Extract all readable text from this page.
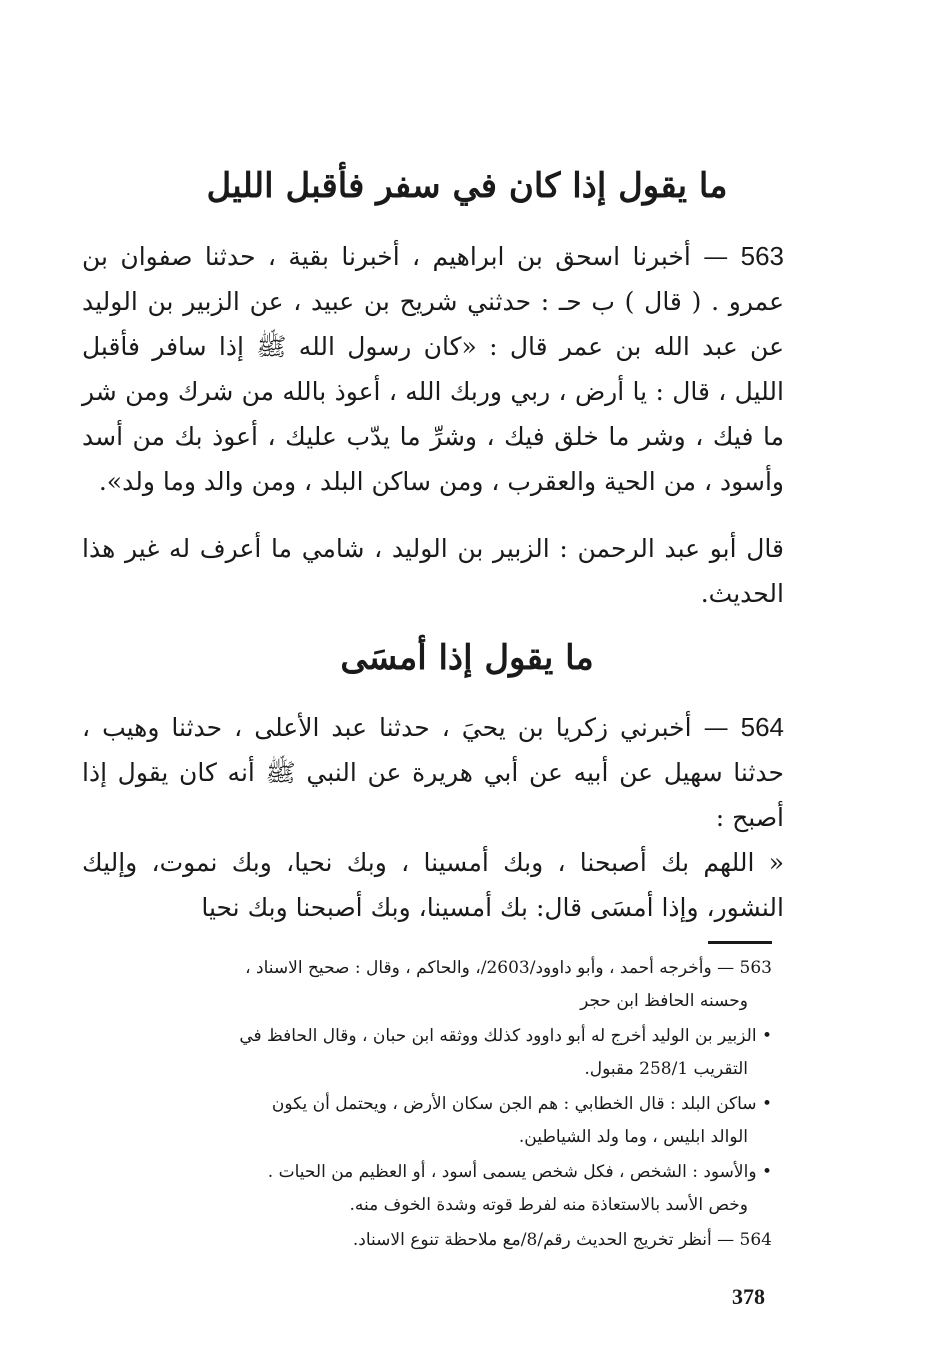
ما يقول إذا كان في سفر فأقبل الليل

563 — أخبرنا اسحق بن ابراهيم ، أخبرنا بقية ، حدثنا صفوان بن عمرو . ( قال ) ب حـ : حدثني شريح بن عبيد ، عن الزبير بن الوليد عن عبد الله بن عمر قال : «كان رسول الله ﷺ إذا سافر فأقبل الليل ، قال : يا أرض ، ربي وربك الله ، أعوذ بالله من شرك ومن شر ما فيك ، وشر ما خلق فيك ، وشرِّ ما يدّب عليك ، أعوذ بك من أسد وأسود ، من الحية والعقرب ، ومن ساكن البلد ، ومن والد وما ولد».

قال أبو عبد الرحمن : الزبير بن الوليد ، شامي ما أعرف له غير هذا الحديث.

ما يقول إذا أمسَى

564 — أخبرني زكريا بن يحيَ ، حدثنا عبد الأعلى ، حدثنا وهيب ، حدثنا سهيل عن أبيه عن أبي هريرة عن النبي ﷺ أنه كان يقول إذا أصبح :
« اللهم بك أصبحنا ، وبك أمسينا ، وبك نحيا، وبك نموت، وإليك النشور، وإذا أمسَى قال: بك أمسينا، وبك أصبحنا وبك نحيا

563 — وأخرجه أحمد ، وأبو داوود/2603/، والحاكم ، وقال : صحيح الاسناد ،
وحسنه الحافظ ابن حجر

• الزبير بن الوليد أخرج له أبو داوود كذلك ووثقه ابن حبان ، وقال الحافظ في
التقريب 258/1 مقبول.

• ساكن البلد : قال الخطابي : هم الجن سكان الأرض ، ويحتمل أن يكون
الوالد ابليس ، وما ولد الشياطين.

• والأسود : الشخص ، فكل شخص يسمى أسود ، أو العظيم من الحيات .
وخص الأسد بالاستعاذة منه لفرط قوته وشدة الخوف منه.

564 — أنظر تخريج الحديث رقم/8/مع ملاحظة تنوع الاسناد.

378
